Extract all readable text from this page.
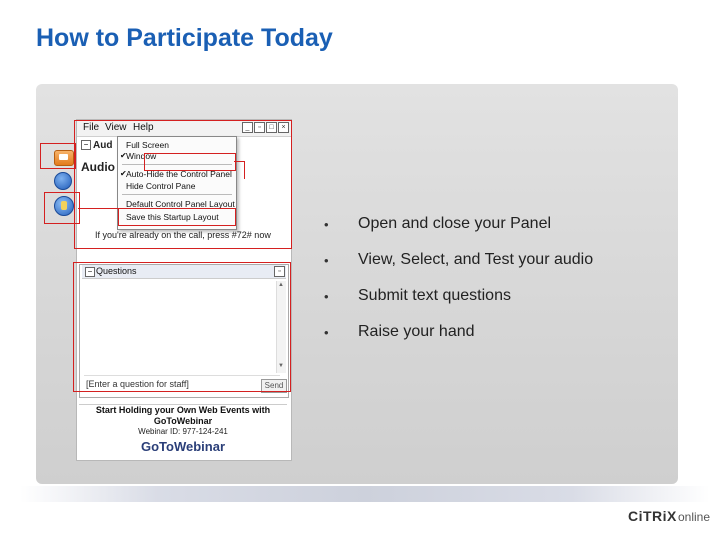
How to Participate Today
File View Help	_	▫	□	×
− Aud
Audio
If you're already on the call, press #72# now
Full Screen
✔ Window
✔ Auto-Hide the Control Panel
Hide Control Pane
Default Control Panel Layout
Save this Startup Layout
− Questions	▫
▲
▼
[Enter a question for staff]	Send
Start Holding your Own Web Events with
GoToWebinar
Webinar ID: 977-124-241
GoToWebinar
•	Open and close your Panel
•	View, Select, and Test your audio
•	Submit text questions
•	Raise your hand
CiTRiX online
